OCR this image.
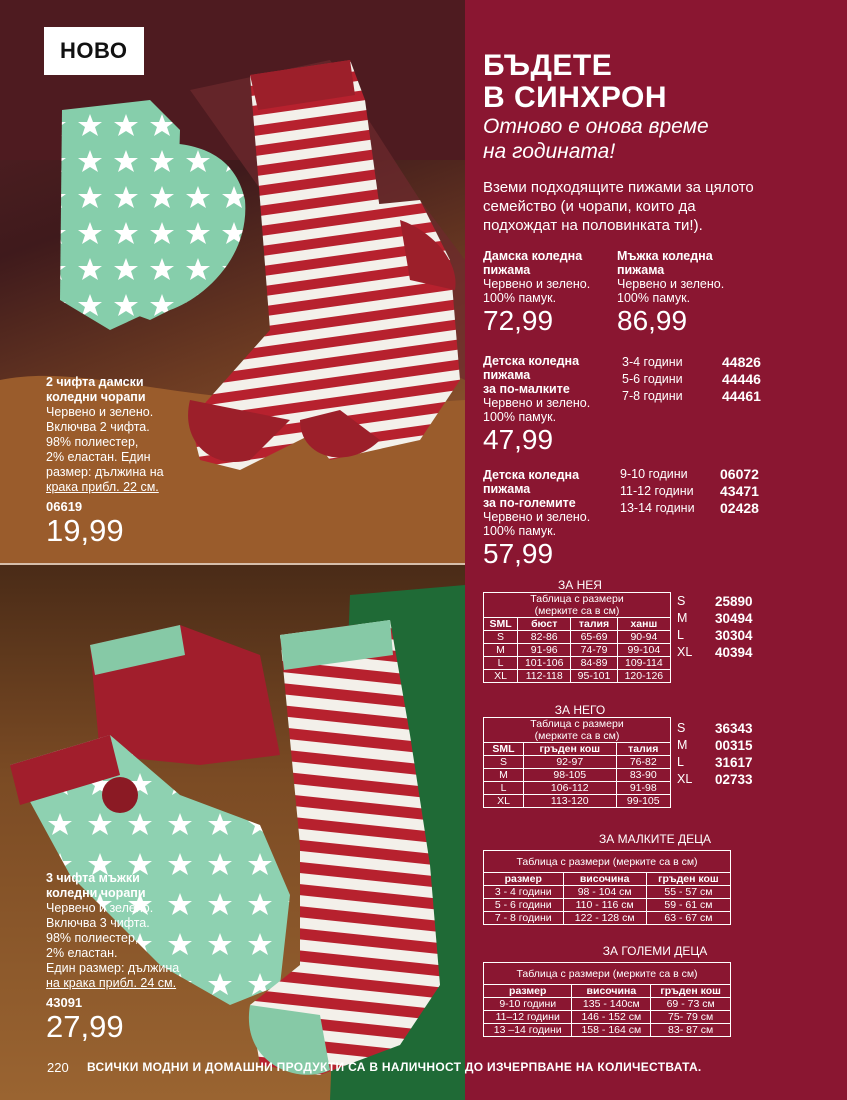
НОВО
2 чифта дамски
коледни чорапи
Червено и зелено.
Включва 2 чифта.
98% полиестер,
2% еластан. Един
размер: дължина на
крака прибл. 22 см.
06619
19,99
3 чифта мъжки
коледни чорапи
Червено и зелено.
Включва 3 чифта.
98% полиестер,
2% еластан.
Един размер: дължина
на крака прибл. 24 см.
43091
27,99
БЪДЕТЕ
В СИНХРОН
Отново е онова време
на годината!
Вземи подходящите пижами за цялото семейство (и чорапи, които да подхождат на половинката ти!).
Дамска коледна
пижама
Червено и зелено.
100% памук.
72,99
Мъжка коледна
пижама
Червено и зелено.
100% памук.
86,99
Детска коледна
пижама
за по-малките
Червено и зелено.
100% памук.
47,99
3-4 години	44826
5-6 години	44446
7-8 години	44461
Детска коледна
пижама
за по-големите
Червено и зелено.
100% памук.
57,99
9-10 години	06072
11-12 години	43471
13-14 години	02428
ЗА НЕЯ
Таблица с размери
(мерките са в см)			

SML	бюст	талия	ханш
S	82-86	65-69	90-94
M	91-96	74-79	99-104
L	101-106	84-89	109-114
XL	112-118	95-101	120-126
S	25890
M	30494
L	30304
XL	40394
ЗА НЕГО
Таблица с размери
(мерките са в см)		

SML	гръден кош	талия
S	92-97	76-82
M	98-105	83-90
L	106-112	91-98
XL	113-120	99-105
S	36343
M	00315
L	31617
XL	02733
ЗА МАЛКИТЕ ДЕЦА
Таблица с размери (мерките са в см)		
размер	височина	гръден кош
3 - 4 години	98 - 104 см	55 - 57 см
5 - 6 години	110 - 116 см	59 - 61 см
7 - 8 години	122 - 128 см	63 - 67 см
ЗА ГОЛЕМИ ДЕЦА
Таблица с размери (мерките са в см)		
размер	височина	гръден кош
9-10 години	135 - 140см	69 - 73 см
11–12 години	146 - 152 см	75- 79 см
13 –14 години	158 - 164 см	83- 87 см
220 ВСИЧКИ МОДНИ И ДОМАШНИ ПРОДУКТИ СА В НАЛИЧНОСТ ДО ИЗЧЕРПВАНЕ НА КОЛИЧЕСТВАТА.
